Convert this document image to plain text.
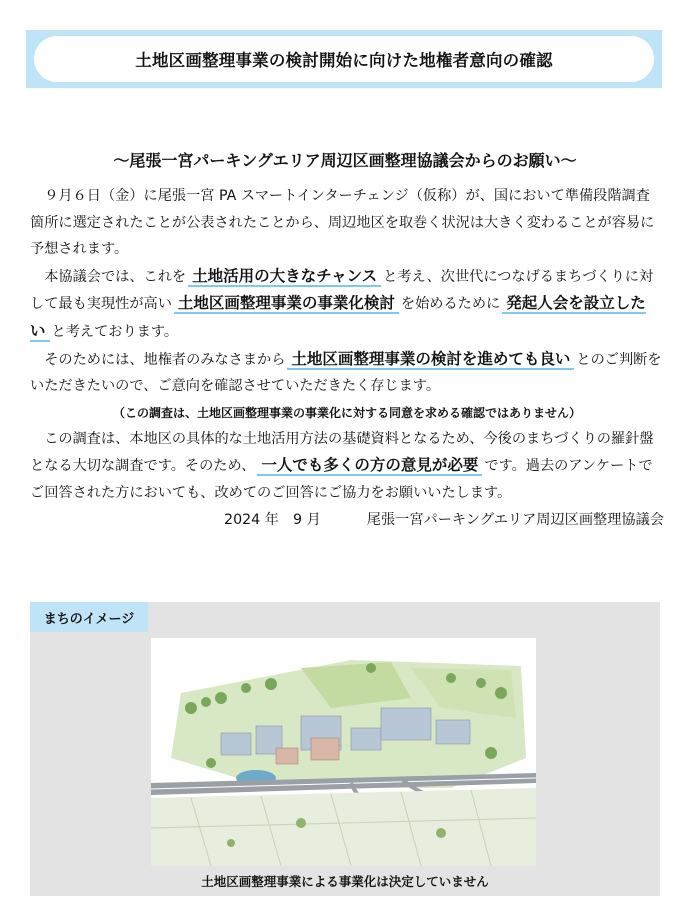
土地区画整理事業の検討開始に向けた地権者意向の確認
～尾張一宮パーキングエリア周辺区画整理協議会からのお願い～

　９月６日（金）に尾張一宮 PA スマートインターチェンジ（仮称）が、国において準備段階調査箇所に選定されたことが公表されたことから、周辺地区を取巻く状況は大きく変わることが容易に予想されます。

　本協議会では、これを 土地活用の大きなチャンス と考え、次世代につなげるまちづくりに対して最も実現性が高い 土地区画整理事業の事業化検討 を始めるために 発起人会を設立したい と考えております。

　そのためには、地権者のみなさまから 土地区画整理事業の検討を進めても良い とのご判断をいただきたいので、ご意向を確認させていただきたく存じます。

（この調査は、土地区画整理事業の事業化に対する同意を求める確認ではありません）

　この調査は、本地区の具体的な土地活用方法の基礎資料となるため、今後のまちづくりの羅針盤となる大切な調査です。そのため、 一人でも多くの方の意見が必要 です。過去のアンケートでご回答された方においても、改めてのご回答にご協力をお願いいたします。

2024 年　9 月	尾張一宮パーキングエリア周辺区画整理協議会

まちのイメージ
土地区画整理事業による事業化は決定していません
